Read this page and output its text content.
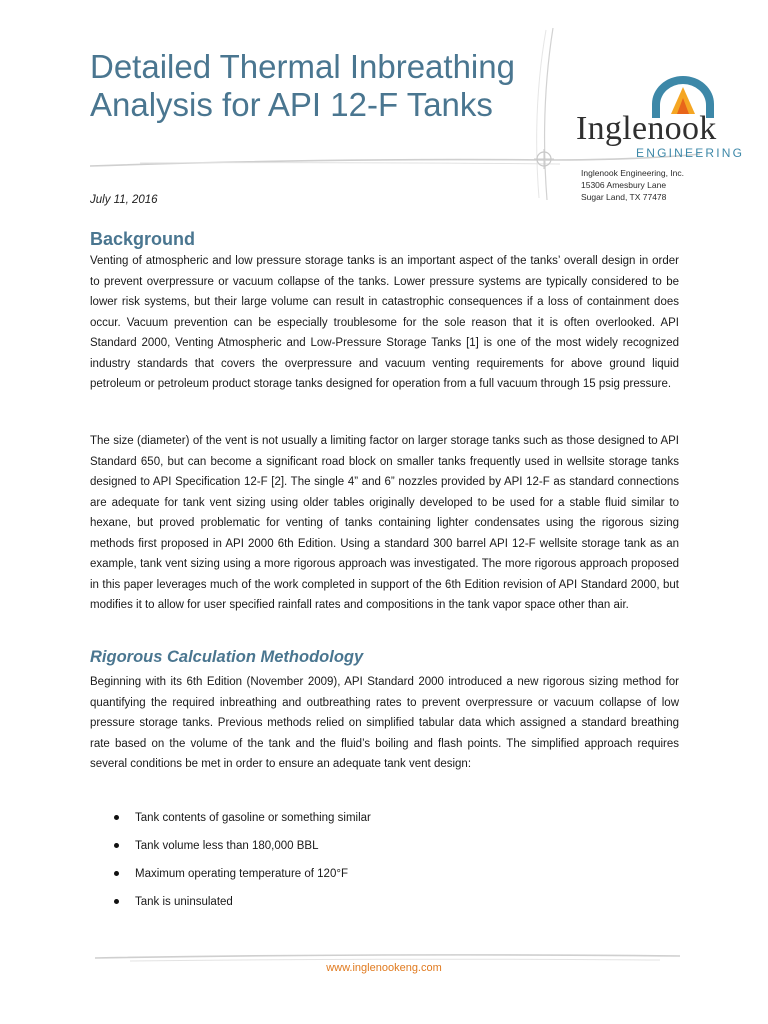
Detailed Thermal Inbreathing
Analysis for API 12-F Tanks
Inglenook
ENGINEERING
Inglenook Engineering, Inc.
15306 Amesbury Lane
Sugar Land, TX 77478
July 11, 2016
Background

Venting of atmospheric and low pressure storage tanks is an important aspect of the tanks’ overall design in order to prevent overpressure or vacuum collapse of the tanks. Lower pressure systems are typically considered to be lower risk systems, but their large volume can result in catastrophic consequences if a loss of containment does occur. Vacuum prevention can be especially troublesome for the sole reason that it is often overlooked. API Standard 2000, Venting Atmospheric and Low-Pressure Storage Tanks [1] is one of the most widely recognized industry standards that covers the overpressure and vacuum venting requirements for above ground liquid petroleum or petroleum product storage tanks designed for operation from a full vacuum through 15 psig pressure.

The size (diameter) of the vent is not usually a limiting factor on larger storage tanks such as those designed to API Standard 650, but can become a significant road block on smaller tanks frequently used in wellsite storage tanks designed to API Specification 12-F [2]. The single 4” and 6” nozzles provided by API 12-F as standard connections are adequate for tank vent sizing using older tables originally developed to be used for a stable fluid similar to hexane, but proved problematic for venting of tanks containing lighter condensates using the rigorous sizing methods first proposed in API 2000 6th Edition. Using a standard 300 barrel API 12-F wellsite storage tank as an example, tank vent sizing using a more rigorous approach was investigated. The more rigorous approach proposed in this paper leverages much of the work completed in support of the 6th Edition revision of API Standard 2000, but modifies it to allow for user specified rainfall rates and compositions in the tank vapor space other than air.

Rigorous Calculation Methodology

Beginning with its 6th Edition (November 2009), API Standard 2000 introduced a new rigorous sizing method for quantifying the required inbreathing and outbreathing rates to prevent overpressure or vacuum collapse of low pressure storage tanks. Previous methods relied on simplified tabular data which assigned a standard breathing rate based on the volume of the tank and the fluid’s boiling and flash points. The simplified approach requires several conditions be met in order to ensure an adequate tank vent design:

Tank contents of gasoline or something similar
Tank volume less than 180,000 BBL
Maximum operating temperature of 120°F
Tank is uninsulated
www.inglenookeng.com
